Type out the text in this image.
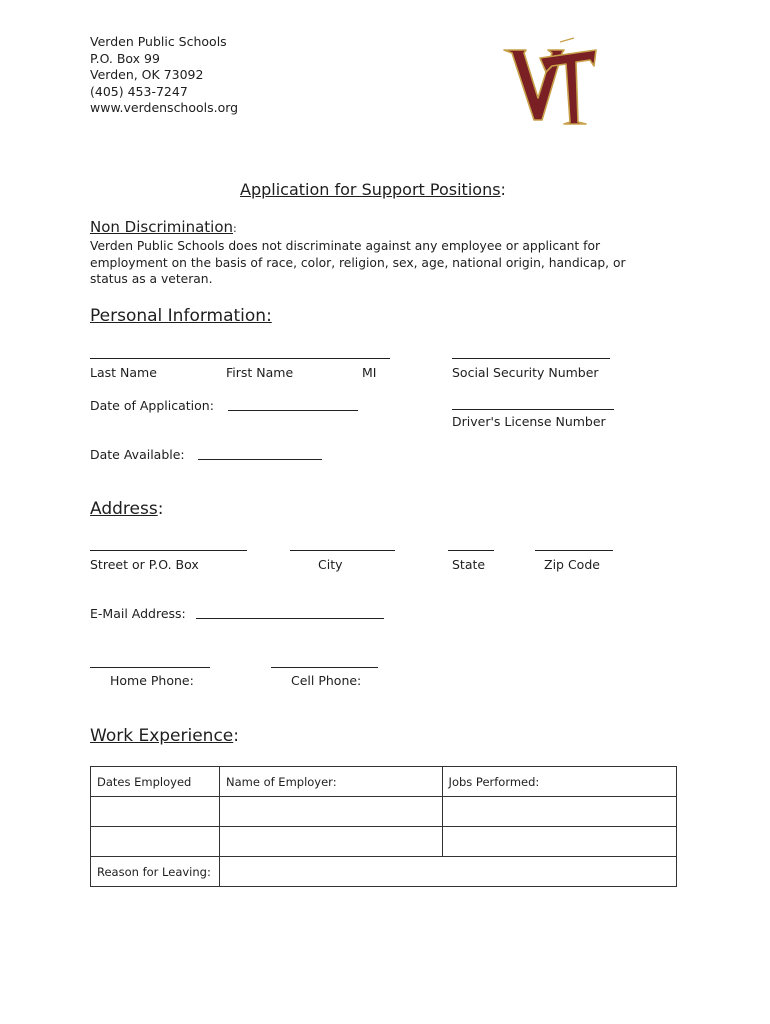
Verden Public Schools
P.O. Box 99
Verden, OK 73092
(405) 453-7247
www.verdenschools.org
Application for Support Positions:
Non Discrimination:
Verden Public Schools does not discriminate against any employee or applicant for
employment on the basis of race, color, religion, sex, age, national origin, handicap, or
status as a veteran.
Personal Information:
Last Name	First Name	MI	Social Security Number
Date of Application:
Driver's License Number
Date Available:
Address:
Street or P.O. Box	City	State	Zip Code
E-Mail Address:
Home Phone:	Cell Phone:
Work Experience:
Dates Employed	Name of Employer:	Jobs Performed:

Reason for Leaving:		
